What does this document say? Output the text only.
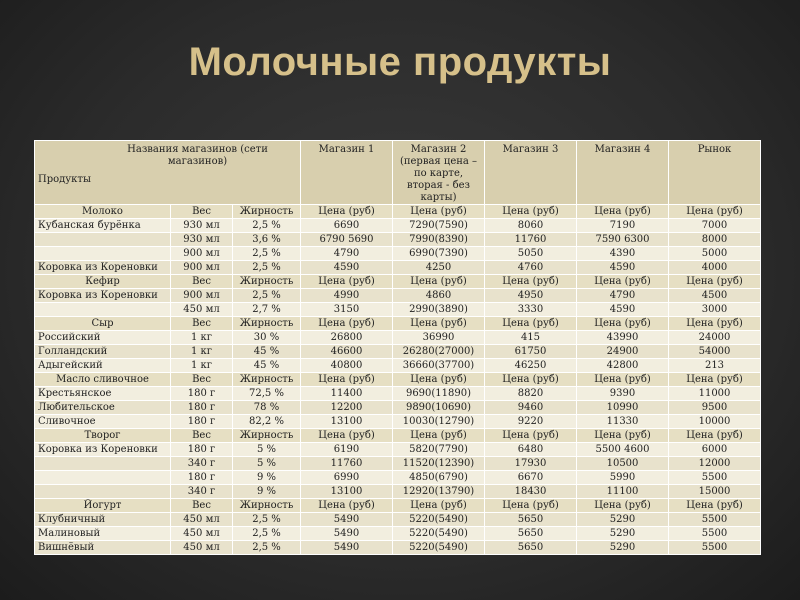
Молочные продукты
Названия магазинов (сети магазинов)
Продукты			Магазин 1	Магазин 2 (первая цена – по карте, вторая - без карты)	Магазин 3	Магазин 4	Рынок
Молоко	Вес	Жирность	Цена (руб)	Цена (руб)	Цена (руб)	Цена (руб)	Цена (руб)
Кубанская бурёнка	930 мл	2,5 %	6690	7290(7590)	8060	7190	7000
	930 мл	3,6 %	6790 5690	7990(8390)	11760	7590 6300	8000
	900 мл	2,5 %	4790	6990(7390)	5050	4390	5000
Коровка из Кореновки	900 мл	2,5 %	4590	4250	4760	4590	4000
Кефир	Вес	Жирность	Цена (руб)	Цена (руб)	Цена (руб)	Цена (руб)	Цена (руб)
Коровка из Кореновки	900 мл	2,5 %	4990	4860	4950	4790	4500
	450 мл	2,7 %	3150	2990(3890)	3330	4590	3000
Сыр	Вес	Жирность	Цена (руб)	Цена (руб)	Цена (руб)	Цена (руб)	Цена (руб)
Российский	1 кг	30 %	26800	36990	415	43990	24000
Голландский	1 кг	45 %	46600	26280(27000)	61750	24900	54000
Адыгейский	1 кг	45 %	40800	36660(37700)	46250	42800	213
Масло сливочное	Вес	Жирность	Цена (руб)	Цена (руб)	Цена (руб)	Цена (руб)	Цена (руб)
Крестьянское	180 г	72,5 %	11400	9690(11890)	8820	9390	11000
Любительское	180 г	78 %	12200	9890(10690)	9460	10990	9500
Сливочное	180 г	82,2 %	13100	10030(12790)	9220	11330	10000
Творог	Вес	Жирность	Цена (руб)	Цена (руб)	Цена (руб)	Цена (руб)	Цена (руб)
Коровка из Кореновки	180 г	5 %	6190	5820(7790)	6480	5500 4600	6000
	340 г	5 %	11760	11520(12390)	17930	10500	12000
	180 г	9 %	6990	4850(6790)	6670	5990	5500
	340 г	9 %	13100	12920(13790)	18430	11100	15000
Йогурт	Вес	Жирность	Цена (руб)	Цена (руб)	Цена (руб)	Цена (руб)	Цена (руб)
Клубничный	450 мл	2,5 %	5490	5220(5490)	5650	5290	5500
Малиновый	450 мл	2,5 %	5490	5220(5490)	5650	5290	5500
Вишнёвый	450 мл	2,5 %	5490	5220(5490)	5650	5290	5500
